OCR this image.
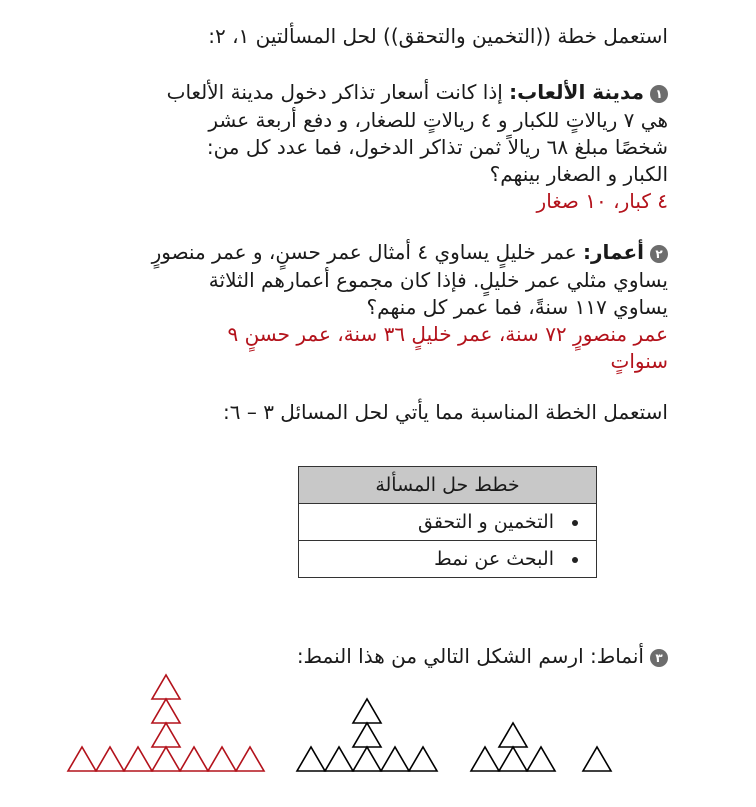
استعمل خطة ((التخمين والتحقق)) لحل المسألتين ١، ٢:
١مدينة الألعاب: إذا كانت أسعار تذاكر دخول مدينة الألعاب
هي ٧ ريالاتٍ للكبار و ٤ ريالاتٍ للصغار، و دفع أربعة عشر
شخصًا مبلغ ٦٨ ريالاً ثمن تذاكر الدخول، فما عدد كل من:
الكبار و الصغار بينهم؟
٤ كبار، ١٠ صغار
٢أعمار: عمر خليلٍ يساوي ٤ أمثال عمر حسنٍ، و عمر منصورٍ
يساوي مثلي عمر خليلٍ. فإذا كان مجموع أعمارهم الثلاثة
يساوي ١١٧ سنةً، فما عمر كل منهم؟
عمر منصورٍ ٧٢ سنة، عمر خليلٍ ٣٦ سنة، عمر حسنٍ ٩
سنواتٍ
استعمل الخطة المناسبة مما يأتي لحل المسائل ٣ – ٦:
خطط حل المسألة
التخمين و التحقق
البحث عن نمط
٣أنماط: ارسم الشكل التالي من هذا النمط:
